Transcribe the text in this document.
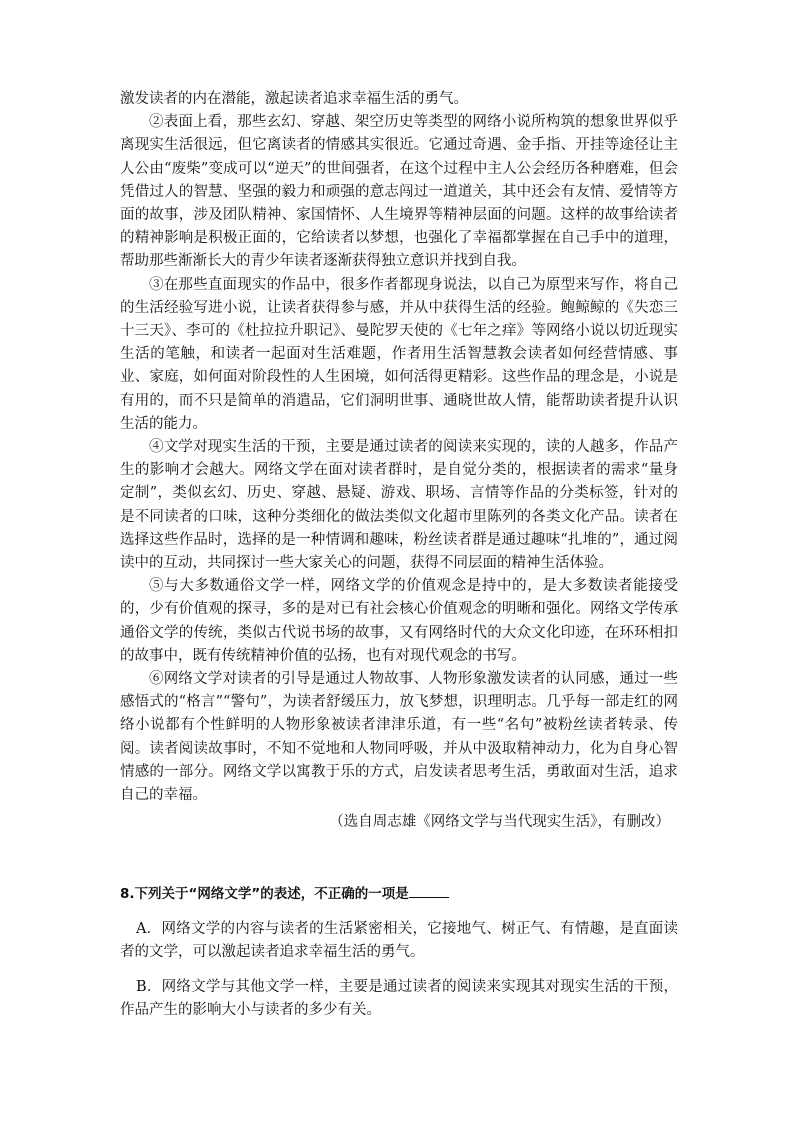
激发读者的内在潜能，激起读者追求幸福生活的勇气。

②表面上看，那些玄幻、穿越、架空历史等类型的网络小说所构筑的想象世界似乎离现实生活很远，但它离读者的情感其实很近。它通过奇遇、金手指、开挂等途径让主人公由“废柴”变成可以“逆天”的世间强者，在这个过程中主人公会经历各种磨难，但会凭借过人的智慧、坚强的毅力和顽强的意志闯过一道道关，其中还会有友情、爱情等方面的故事，涉及团队精神、家国情怀、人生境界等精神层面的问题。这样的故事给读者的精神影响是积极正面的，它给读者以梦想，也强化了幸福都掌握在自己手中的道理，帮助那些渐渐长大的青少年读者逐渐获得独立意识并找到自我。

③在那些直面现实的作品中，很多作者都现身说法，以自己为原型来写作，将自己的生活经验写进小说，让读者获得参与感，并从中获得生活的经验。鲍鲸鲸的《失恋三十三天》、李可的《杜拉拉升职记》、曼陀罗天使的《七年之痒》等网络小说以切近现实生活的笔触，和读者一起面对生活难题，作者用生活智慧教会读者如何经营情感、事业、家庭，如何面对阶段性的人生困境，如何活得更精彩。这些作品的理念是，小说是有用的，而不只是简单的消遣品，它们洞明世事、通晓世故人情，能帮助读者提升认识生活的能力。

④文学对现实生活的干预，主要是通过读者的阅读来实现的，读的人越多，作品产生的影响才会越大。网络文学在面对读者群时，是自觉分类的，根据读者的需求“量身定制”，类似玄幻、历史、穿越、悬疑、游戏、职场、言情等作品的分类标签，针对的是不同读者的口味，这种分类细化的做法类似文化超市里陈列的各类文化产品。读者在选择这些作品时，选择的是一种情调和趣味，粉丝读者群是通过趣味“扎堆的”，通过阅读中的互动，共同探讨一些大家关心的问题，获得不同层面的精神生活体验。

⑤与大多数通俗文学一样，网络文学的价值观念是持中的，是大多数读者能接受的，少有价值观的探寻，多的是对已有社会核心价值观念的明晰和强化。网络文学传承通俗文学的传统，类似古代说书场的故事，又有网络时代的大众文化印迹，在环环相扣的故事中，既有传统精神价值的弘扬，也有对现代观念的书写。

⑥网络文学对读者的引导是通过人物故事、人物形象激发读者的认同感，通过一些感悟式的“格言”“警句”，为读者舒缓压力，放飞梦想，识理明志。几乎每一部走红的网络小说都有个性鲜明的人物形象被读者津津乐道，有一些“名句”被粉丝读者转录、传阅。读者阅读故事时，不知不觉地和人物同呼吸，并从中汲取精神动力，化为自身心智情感的一部分。网络文学以寓教于乐的方式，启发读者思考生活，勇敢面对生活，追求自己的幸福。

（选自周志雄《网络文学与当代现实生活》，有删改）

8.下列关于“网络文学”的表述，不正确的一项是

A．网络文学的内容与读者的生活紧密相关，它接地气、树正气、有情趣，是直面读者的文学，可以激起读者追求幸福生活的勇气。

B．网络文学与其他文学一样，主要是通过读者的阅读来实现其对现实生活的干预，作品产生的影响大小与读者的多少有关。
